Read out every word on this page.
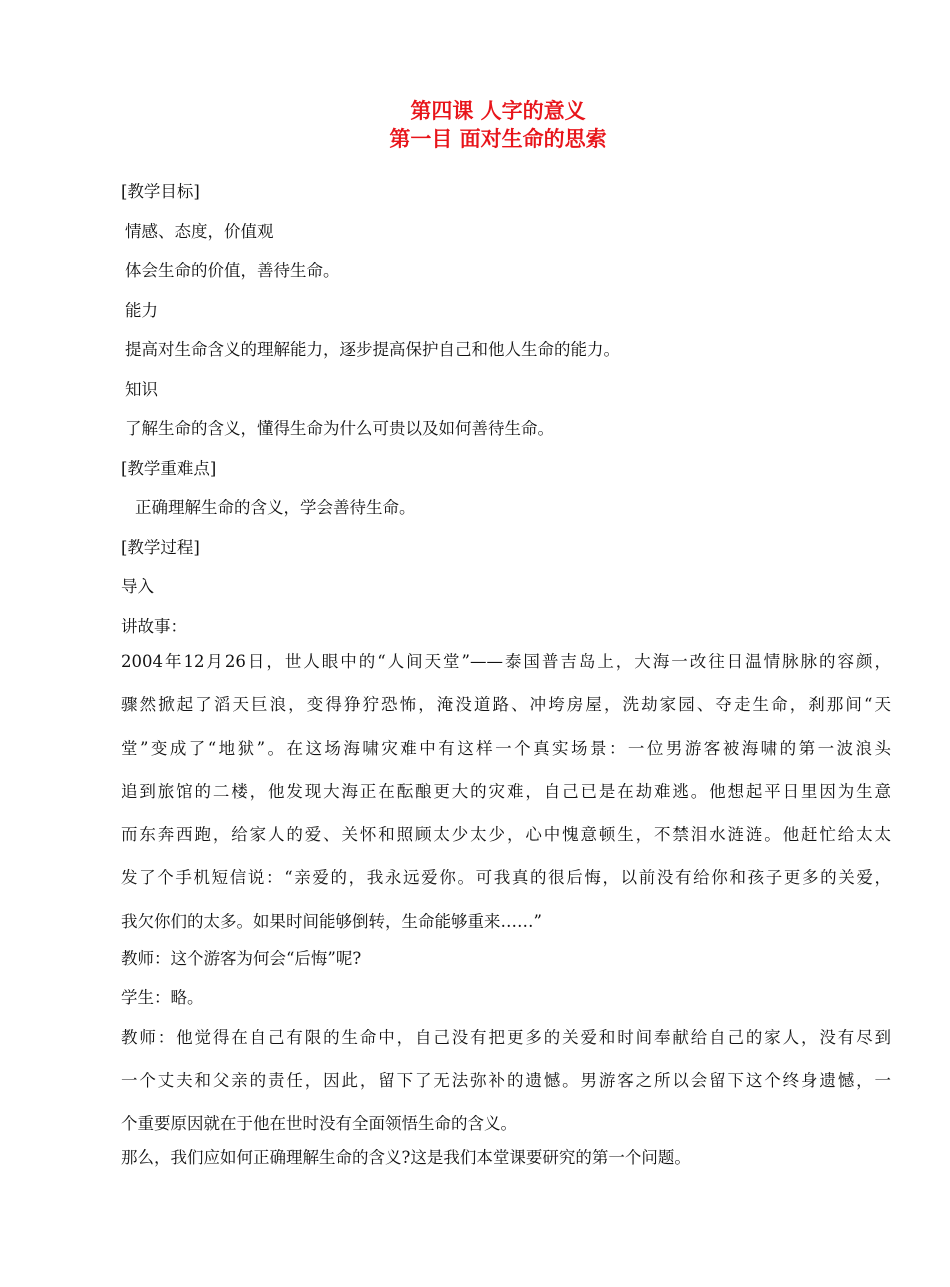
第四课 人字的意义
第一目 面对生命的思索
[教学目标]
情感、态度，价值观
体会生命的价值，善待生命。
能力
提高对生命含义的理解能力，逐步提高保护自己和他人生命的能力。
知识
了解生命的含义，懂得生命为什么可贵以及如何善待生命。
[教学重难点]
正确理解生命的含义，学会善待生命。
[教学过程]
导入
讲故事：
2004年12月26日，世人眼中的“人间天堂”——泰国普吉岛上，大海一改往日温情脉脉的容颜，
骤然掀起了滔天巨浪，变得狰狞恐怖，淹没道路、冲垮房屋，洗劫家园、夺走生命，刹那间“天
堂”变成了“地狱”。在这场海啸灾难中有这样一个真实场景：一位男游客被海啸的第一波浪头
追到旅馆的二楼，他发现大海正在酝酿更大的灾难，自己已是在劫难逃。他想起平日里因为生意
而东奔西跑，给家人的爱、关怀和照顾太少太少，心中愧意顿生，不禁泪水涟涟。他赶忙给太太
发了个手机短信说：“亲爱的，我永远爱你。可我真的很后悔，以前没有给你和孩子更多的关爱，
我欠你们的太多。如果时间能够倒转，生命能够重来……”
教师：这个游客为何会“后悔”呢?
学生：略。
教师：他觉得在自己有限的生命中，自己没有把更多的关爱和时间奉献给自己的家人，没有尽到
一个丈夫和父亲的责任，因此，留下了无法弥补的遗憾。男游客之所以会留下这个终身遗憾，一
个重要原因就在于他在世时没有全面领悟生命的含义。
那么，我们应如何正确理解生命的含义?这是我们本堂课要研究的第一个问题。
